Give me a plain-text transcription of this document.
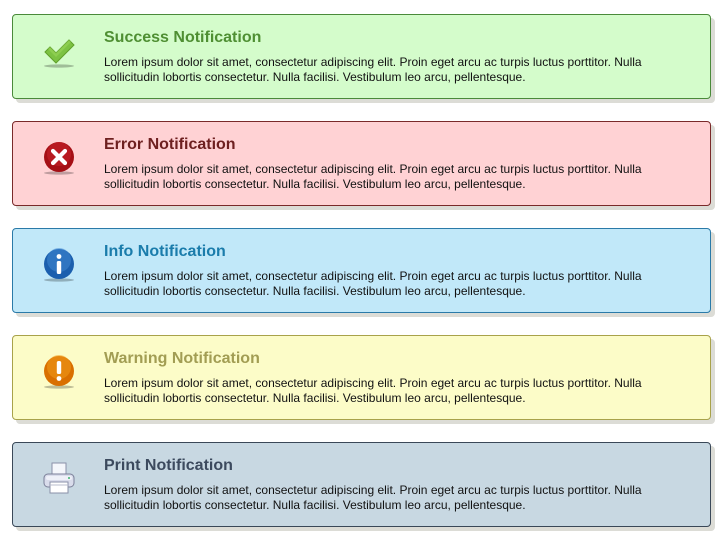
Success Notification
Lorem ipsum dolor sit amet, consectetur adipiscing elit. Proin eget arcu ac turpis luctus porttitor. Nulla sollicitudin lobortis consectetur. Nulla facilisi. Vestibulum leo arcu, pellentesque.
Error Notification
Lorem ipsum dolor sit amet, consectetur adipiscing elit. Proin eget arcu ac turpis luctus porttitor. Nulla sollicitudin lobortis consectetur. Nulla facilisi. Vestibulum leo arcu, pellentesque.
Info Notification
Lorem ipsum dolor sit amet, consectetur adipiscing elit. Proin eget arcu ac turpis luctus porttitor. Nulla sollicitudin lobortis consectetur. Nulla facilisi. Vestibulum leo arcu, pellentesque.
Warning Notification
Lorem ipsum dolor sit amet, consectetur adipiscing elit. Proin eget arcu ac turpis luctus porttitor. Nulla sollicitudin lobortis consectetur. Nulla facilisi. Vestibulum leo arcu, pellentesque.
Print Notification
Lorem ipsum dolor sit amet, consectetur adipiscing elit. Proin eget arcu ac turpis luctus porttitor. Nulla sollicitudin lobortis consectetur. Nulla facilisi. Vestibulum leo arcu, pellentesque.
